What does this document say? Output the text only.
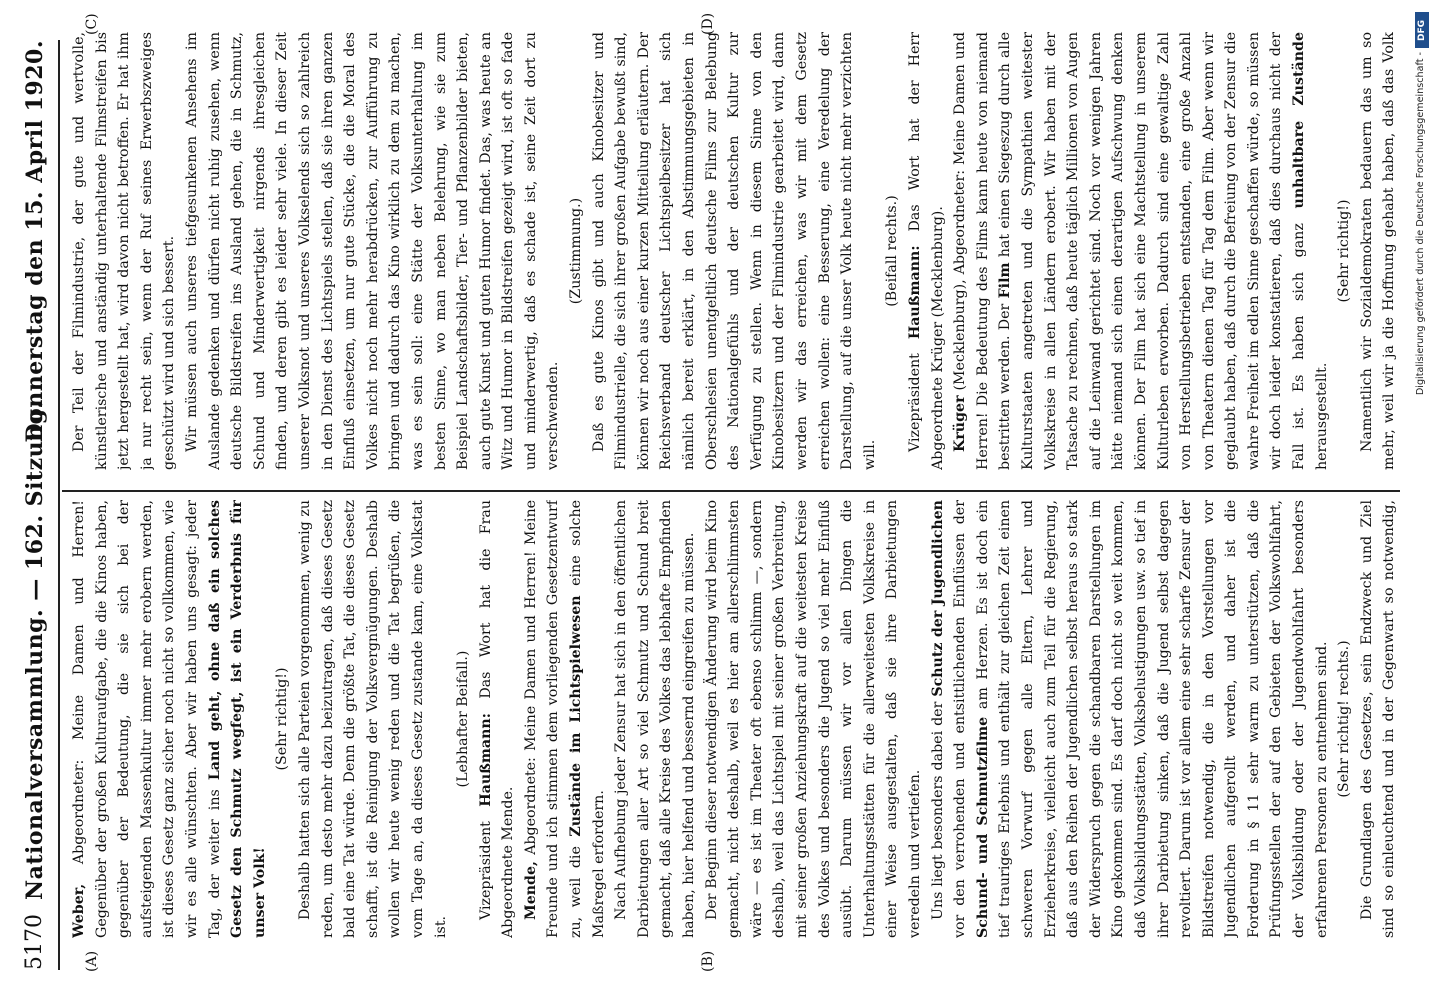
5170
Nationalversammlung. — 162. Sitzung.
Donnerstag den 15. April 1920.
(A)	(B)
(C)	(D)

Weber, Abgeordneter: Meine Damen und Herren! Gegenüber der großen Kulturaufgabe, die die Kinos haben, gegenüber der Bedeutung, die sie sich bei der aufsteigenden Massenkultur immer mehr erobern werden, ist dieses Gesetz ganz sicher noch nicht so vollkommen, wie wir es alle wünschten. Aber wir haben uns gesagt: jeder Tag, der weiter ins Land geht, ohne daß ein solches Gesetz den Schmutz wegfegt, ist ein Verderbnis für unser Volk!

(Sehr richtig!) Deshalb hatten sich alle Parteien vorgenommen, wenig zu reden, um desto mehr dazu beizutragen, daß dieses Gesetz bald eine Tat würde. Denn die größte Tat, die dieses Gesetz schafft, ist die Reinigung der Volksvergnügungen. Deshalb wollen wir heute wenig reden und die Tat begrüßen, die vom Tage an, da dieses Gesetz zustande kam, eine Volkstat ist.

(Lebhafter Beifall.)

Vizepräsident Haußmann: Das Wort hat die Frau Abgeordnete Mende. Mende, Abgeordnete: Meine Damen und Herren! Meine Freunde und ich stimmen dem vorliegenden Gesetzentwurf zu, weil die Zustände im Lichtspielwesen eine solche Maßregel erfordern. Nach Aufhebung jeder Zensur hat sich in den öffentlichen Darbietungen aller Art so viel Schmutz und Schund breit gemacht, daß alle Kreise des Volkes das lebhafte Empfinden haben, hier helfend und bessernd eingreifen zu müssen. Der Beginn dieser notwendigen Änderung wird beim Kino gemacht, nicht deshalb, weil es hier am allerschlimmsten wäre — es ist im Theater oft ebenso schlimm —, sondern deshalb, weil das Lichtspiel mit seiner großen Verbreitung, mit seiner großen Anziehungskraft auf die weitesten Kreise des Volkes und besonders die Jugend so viel mehr Einfluß ausübt. Darum müssen wir vor allen Dingen die Unterhaltungsstätten für die allerweitesten Volkskreise in einer Weise ausgestalten, daß sie ihre Darbietungen veredeln und vertiefen. Uns liegt besonders dabei der Schutz der Jugendlichen vor den verrohenden und entsittlichenden Einflüssen der Schund- und Schmutzfilme am Herzen. Es ist doch ein tief trauriges Erlebnis und enthält zur gleichen Zeit einen schweren Vorwurf gegen alle Eltern, Lehrer und Erzieherkreise, vielleicht auch zum Teil für die Regierung, daß aus den Reihen der Jugendlichen selbst heraus so stark der Widerspruch gegen die schandbaren Darstellungen im Kino gekommen sind. Es darf doch nicht so weit kommen, daß Volksbildungsstätten, Volksbelustigungen usw. so tief in ihrer Darbietung sinken, daß die Jugend selbst dagegen revoltiert. Darum ist vor allem eine sehr scharfe Zensur der Bildstreifen notwendig, die in den Vorstellungen vor Jugendlichen aufgerollt werden, und daher ist die Forderung in § 11 sehr warm zu unterstützen, daß die Prüfungsstellen der auf den Gebieten der Volkswohlfahrt, der Volksbildung oder der Jugendwohlfahrt besonders erfahrenen Personen zu entnehmen sind. (Sehr richtig! rechts.)

Die Grundlagen des Gesetzes, sein Endzweck und Ziel sind so einleuchtend und in der Gegenwart so notwendig,

Der Teil der Filmindustrie, der gute und wertvolle, künstlerische und anständig unterhaltende Filmstreifen bis jetzt hergestellt hat, wird davon nicht betroffen. Er hat ihm ja nur recht sein, wenn der Ruf seines Erwerbszweiges geschützt wird und sich bessert. Wir müssen auch unseres tiefgesunkenen Ansehens im Auslande gedenken und dürfen nicht ruhig zusehen, wenn deutsche Bildstreifen ins Ausland gehen, die in Schmutz, Schund und Minderwertigkeit nirgends ihresgleichen finden, und deren gibt es leider sehr viele. In dieser Zeit unserer Volksnot und unseres Volkselends sich so zahlreich in den Dienst des Lichtspiels stellen, daß sie ihren ganzen Einfluß einsetzen, um nur gute Stücke, die die Moral des Volkes nicht noch mehr herabdrücken, zur Aufführung zu bringen und dadurch das Kino wirklich zu dem zu machen, was es sein soll: eine Stätte der Volksunterhaltung im besten Sinne, wo man neben Belehrung, wie sie zum Beispiel Landschaftsbilder, Tier- und Pflanzenbilder bieten, auch gute Kunst und guten Humor findet. Das, was heute an Witz und Humor in Bildstreifen gezeigt wird, ist oft so fade und minderwertig, daß es schade ist, seine Zeit dort zu verschwenden.

(Zustimmung.) Daß es gute Kinos gibt und auch Kinobesitzer und Filmindustrielle, die sich ihrer großen Aufgabe bewußt sind, können wir noch aus einer kurzen Mitteilung erläutern. Der Reichsverband deutscher Lichtspielbesitzer hat sich nämlich bereit erklärt, in den Abstimmungsgebieten in Oberschlesien unentgeltlich deutsche Films zur Belebung des Nationalgefühls und der deutschen Kultur zur Verfügung zu stellen. Wenn in diesem Sinne von den Kinobesitzern und der Filmindustrie gearbeitet wird, dann werden wir das erreichen, was wir mit dem Gesetz erreichen wollen: eine Besserung, eine Veredelung der Darstellung, auf die unser Volk heute nicht mehr verzichten will.

(Beifall rechts.)

Vizepräsident Haußmann: Das Wort hat der Herr Abgeordnete Krüger (Mecklenburg). Krüger (Mecklenburg), Abgeordneter: Meine Damen und Herren! Die Bedeutung des Films kann heute von niemand bestritten werden. Der Film hat einen Siegeszug durch alle Kulturstaaten angetreten und die Sympathien weitester Volkskreise in allen Ländern erobert. Wir haben mit der Tatsache zu rechnen, daß heute täglich Millionen von Augen auf die Leinwand gerichtet sind. Noch vor wenigen Jahren hätte niemand sich einen derartigen Aufschwung denken können. Der Film hat sich eine Machtstellung in unserem Kulturleben erworben. Dadurch sind eine gewaltige Zahl von Herstellungsbetrieben entstanden, eine große Anzahl von Theatern dienen Tag für Tag dem Film. Aber wenn wir geglaubt haben, daß durch die Befreiung von der Zensur die wahre Freiheit im edlen Sinne geschaffen würde, so müssen wir doch leider konstatieren, daß dies durchaus nicht der Fall ist. Es haben sich ganz unhaltbare Zustände herausgestellt.

(Sehr richtig!)

Namentlich wir Sozialdemokraten bedauern das um so mehr, weil wir ja die Hoffnung gehabt haben, daß das Volk

DFG
Digitalisierung gefördert durch die Deutsche Forschungsgemeinschaft -
